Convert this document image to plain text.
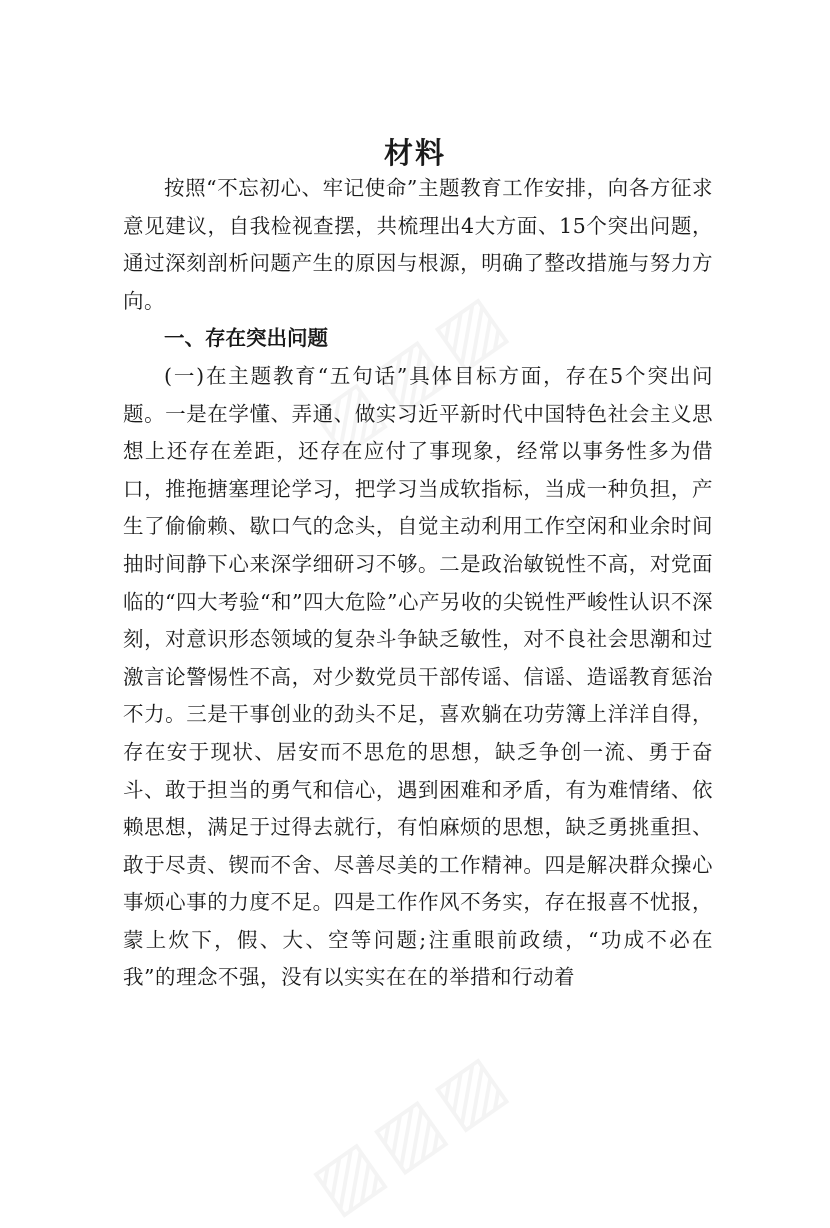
材料

按照“不忘初心、牢记使命”主题教育工作安排，向各方征求意见建议，自我检视查摆，共梳理出4大方面、15个突出问题，通过深刻剖析问题产生的原因与根源，明确了整改措施与努力方向。

一、存在突出问题

(一)在主题教育“五句话”具体目标方面，存在5个突出问题。一是在学懂、弄通、做实习近平新时代中国特色社会主义思想上还存在差距，还存在应付了事现象，经常以事务性多为借口，推拖搪塞理论学习，把学习当成软指标，当成一种负担，产生了偷偷赖、歇口气的念头，自觉主动利用工作空闲和业余时间抽时间静下心来深学细研习不够。二是政治敏锐性不高，对党面临的“四大考验“和”四大危险”心产另收的尖锐性严峻性认识不深刻，对意识形态领域的复杂斗争缺乏敏性，对不良社会思潮和过激言论警惕性不高，对少数党员干部传谣、信谣、造谣教育惩治不力。三是干事创业的劲头不足，喜欢躺在功劳簿上洋洋自得，存在安于现状、居安而不思危的思想，缺乏争创一流、勇于奋斗、敢于担当的勇气和信心，遇到困难和矛盾，有为难情绪、依赖思想，满足于过得去就行，有怕麻烦的思想，缺乏勇挑重担、敢于尽责、锲而不舍、尽善尽美的工作精神。四是解决群众操心事烦心事的力度不足。四是工作作风不务实，存在报喜不忧报，蒙上炊下，假、大、空等问题;注重眼前政绩，“功成不必在我”的理念不强，没有以实实在在的举措和行动着
